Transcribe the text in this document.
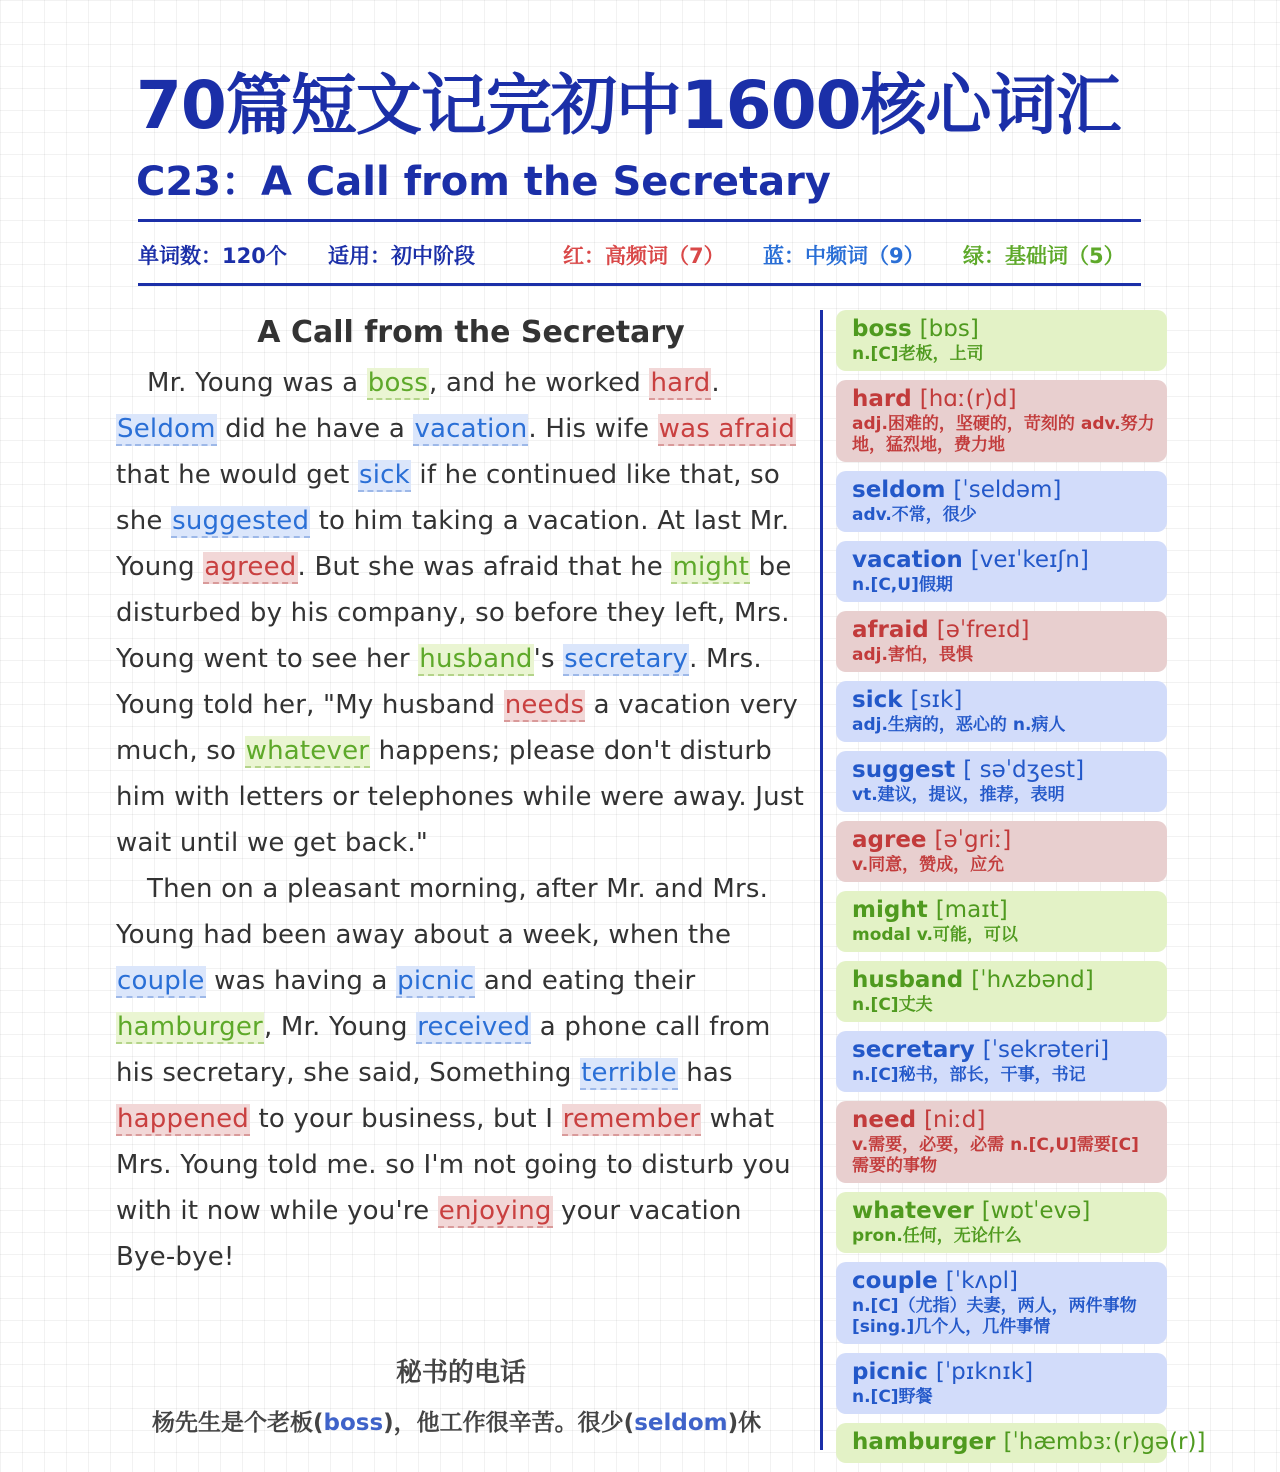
70篇短文记完初中1600核心词汇
C23：A Call from the Secretary
单词数：120个 适用：初中阶段	红：高频词（7） 蓝：中频词（9） 绿：基础词（5）
A Call from the Secretary

Mr. Young was a boss, and he worked hard. Seldom did he have a vacation. His wife was afraid that he would get sick if he continued like that, so she suggested to him taking a vacation. At last Mr. Young agreed. But she was afraid that he might be disturbed by his company, so before they left, Mrs. Young went to see her husband's secretary. Mrs. Young told her, "My husband needs a vacation very much, so whatever happens; please don't disturb him with letters or telephones while were away. Just wait until we get back."

Then on a pleasant morning, after Mr. and Mrs. Young had been away about a week, when the couple was having a picnic and eating their hamburger, Mr. Young received a phone call from his secretary, she said, Something terrible has happened to your business, but I remember what Mrs. Young told me. so I'm not going to disturb you with it now while you're enjoying your vacation Bye-bye!

秘书的电话

杨先生是个老板(boss)，他工作很辛苦。很少(seldom)休

boss [bɒs]
n.[C]老板，上司
hard [hɑː(r)d]
adj.困难的，坚硬的，苛刻的 adv.努力地，猛烈地，费力地
seldom [ˈseldəm]
adv.不常，很少
vacation [veɪˈkeɪʃn]
n.[C,U]假期
afraid [əˈfreɪd]
adj.害怕，畏惧
sick [sɪk]
adj.生病的，恶心的 n.病人
suggest [ səˈdʒest]
vt.建议，提议，推荐，表明
agree [əˈgriː]
v.同意，赞成，应允
might [maɪt]
modal v.可能，可以
husband [ˈhʌzbənd]
n.[C]丈夫
secretary [ˈsekrəteri]
n.[C]秘书，部长，干事，书记
need [niːd]
v.需要，必要，必需 n.[C,U]需要[C]需要的事物
whatever [wɒtˈevə]
pron.任何，无论什么
couple [ˈkʌpl]
n.[C]（尤指）夫妻，两人，两件事物[sing.]几个人，几件事情
picnic [ˈpɪknɪk]
n.[C]野餐
hamburger [ˈhæmbɜː(r)gə(r)]
